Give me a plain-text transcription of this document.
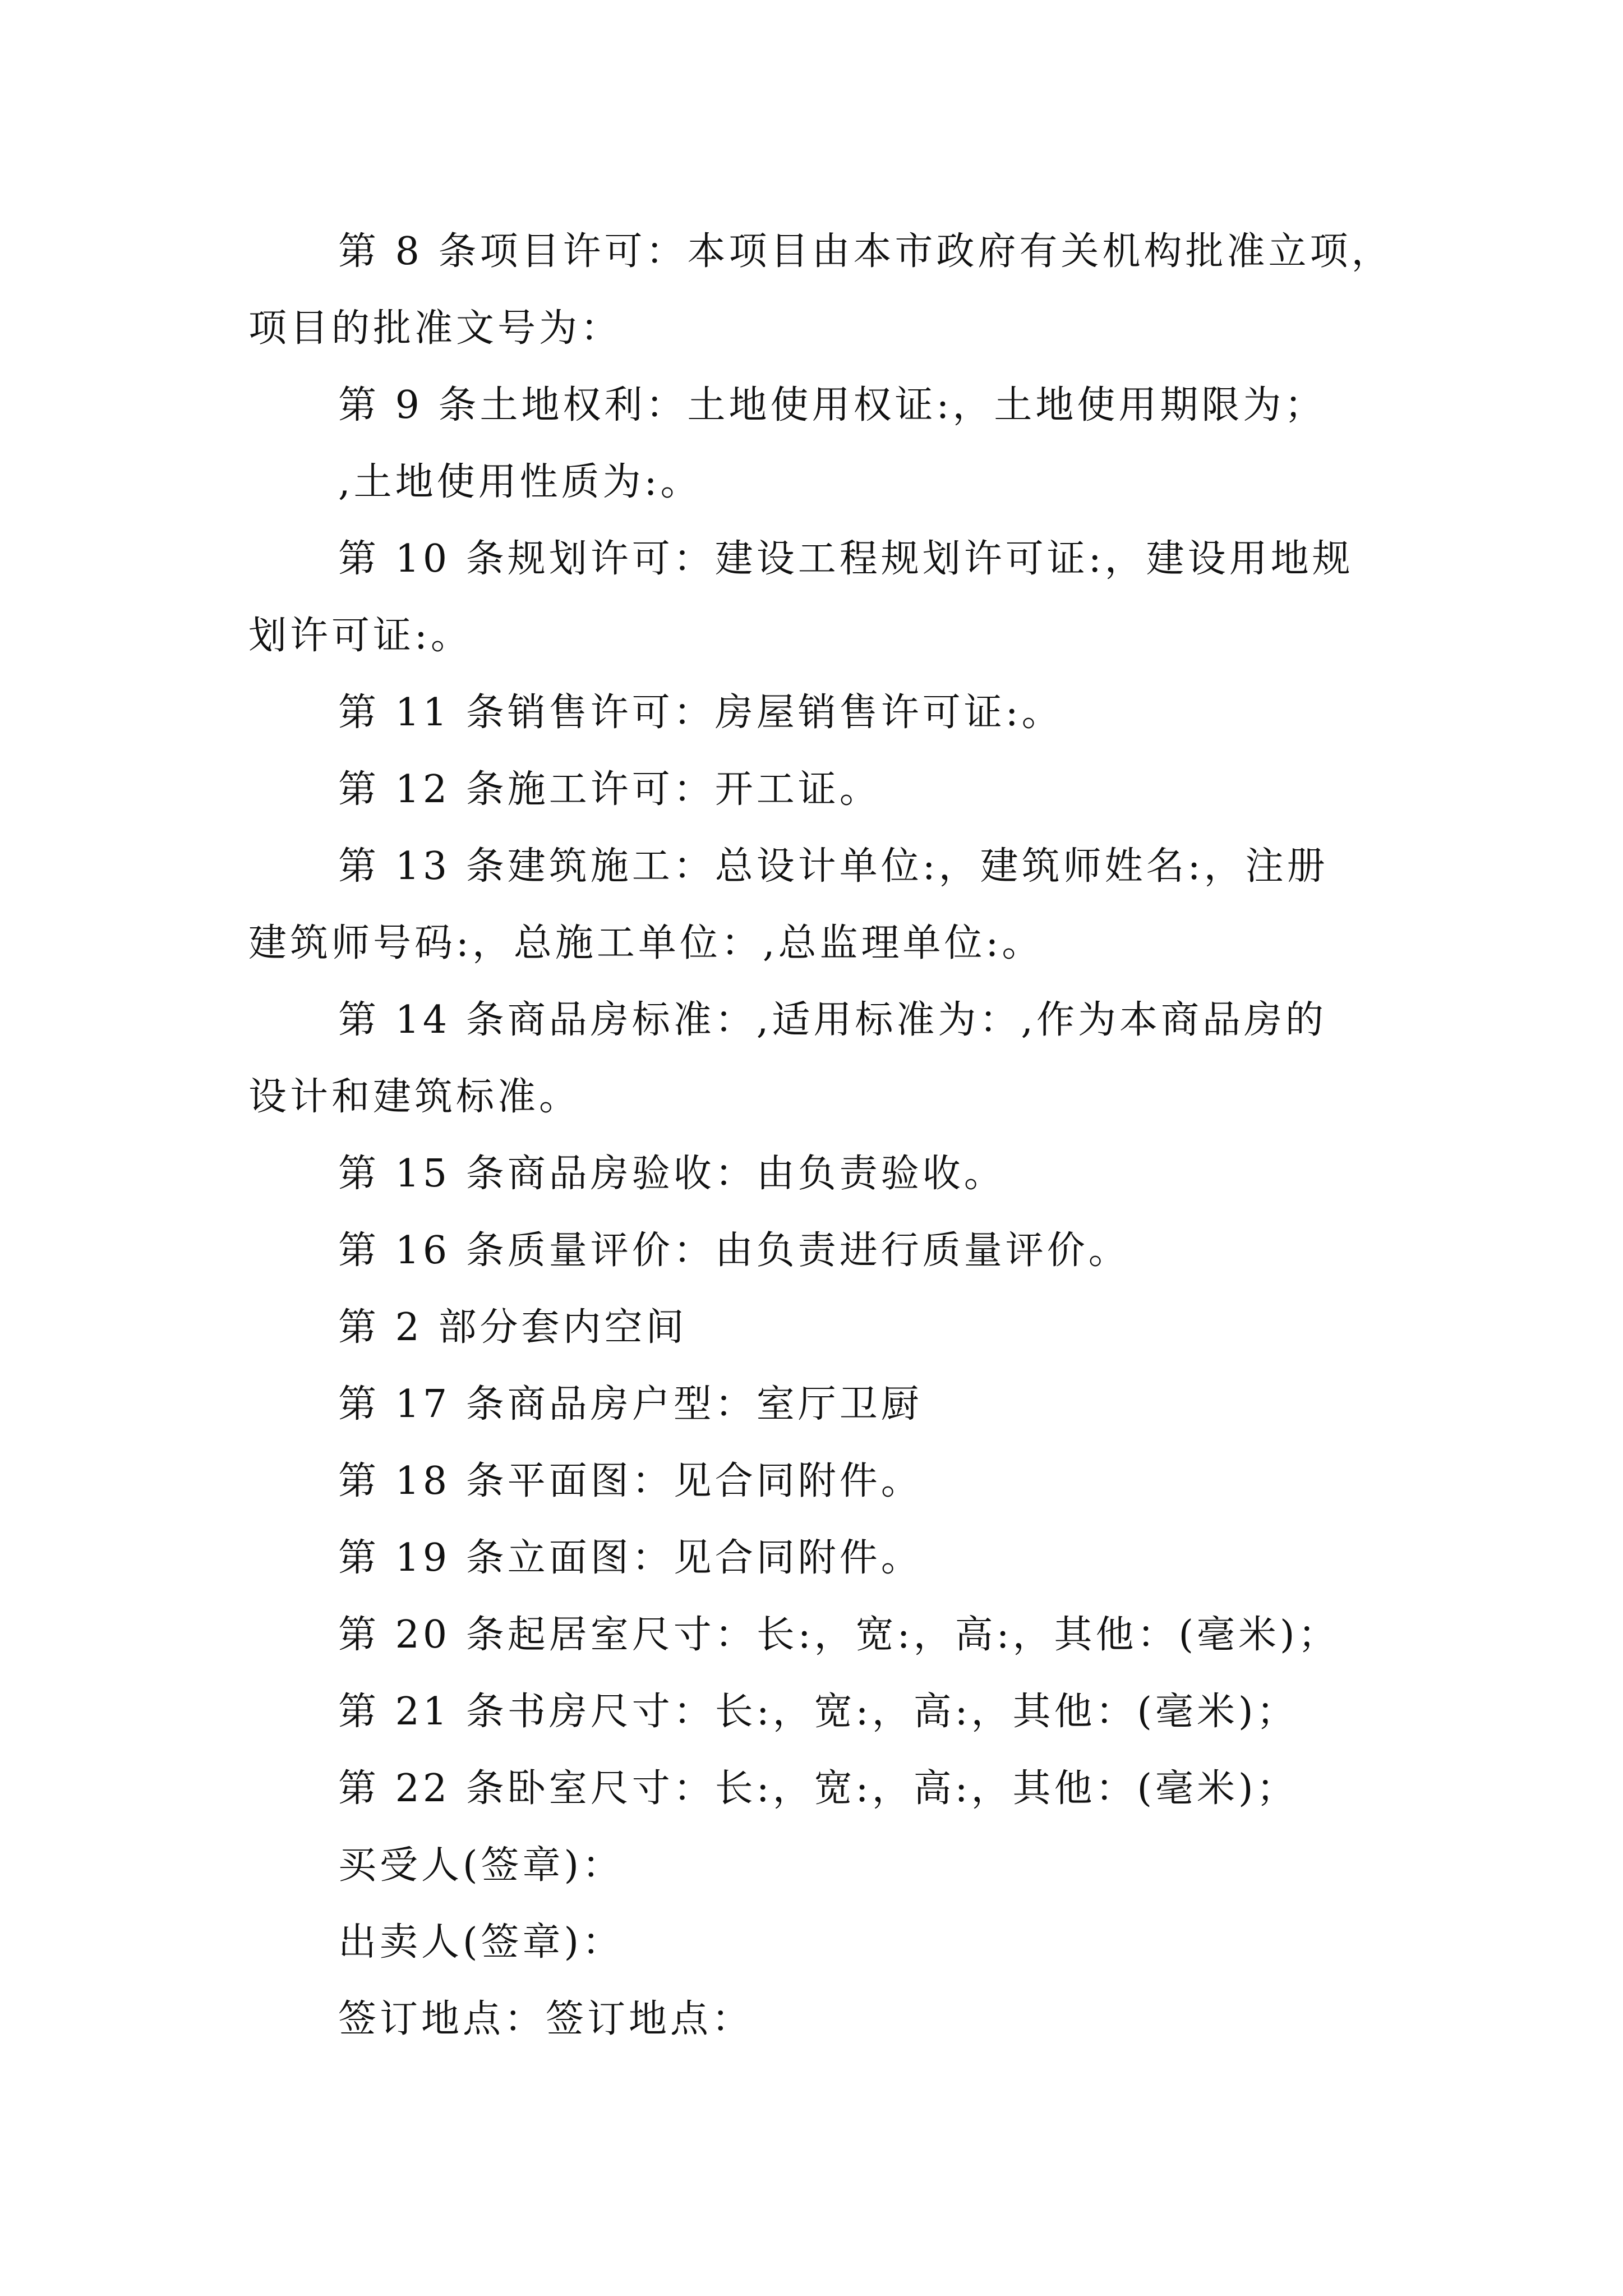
第 8 条项目许可：本项目由本市政府有关机构批准立项，

项目的批准文号为：

第 9 条土地权利：土地使用权证:，土地使用期限为；

,土地使用性质为:。

第 10 条规划许可：建设工程规划许可证:，建设用地规

划许可证:。

第 11 条销售许可：房屋销售许可证:。

第 12 条施工许可：开工证。

第 13 条建筑施工：总设计单位:，建筑师姓名:，注册

建筑师号码:，总施工单位：,总监理单位:。

第 14 条商品房标准：,适用标准为：,作为本商品房的

设计和建筑标准。

第 15 条商品房验收：由负责验收。

第 16 条质量评价：由负责进行质量评价。

第 2 部分套内空间

第 17 条商品房户型：室厅卫厨

第 18 条平面图：见合同附件。

第 19 条立面图：见合同附件。

第 20 条起居室尺寸：长:，宽:，高:，其他：(毫米)；

第 21 条书房尺寸：长:，宽:，高:，其他：(毫米)；

第 22 条卧室尺寸：长:，宽:，高:，其他：(毫米)；

买受人(签章)：

出卖人(签章)：

签订地点：签订地点：
